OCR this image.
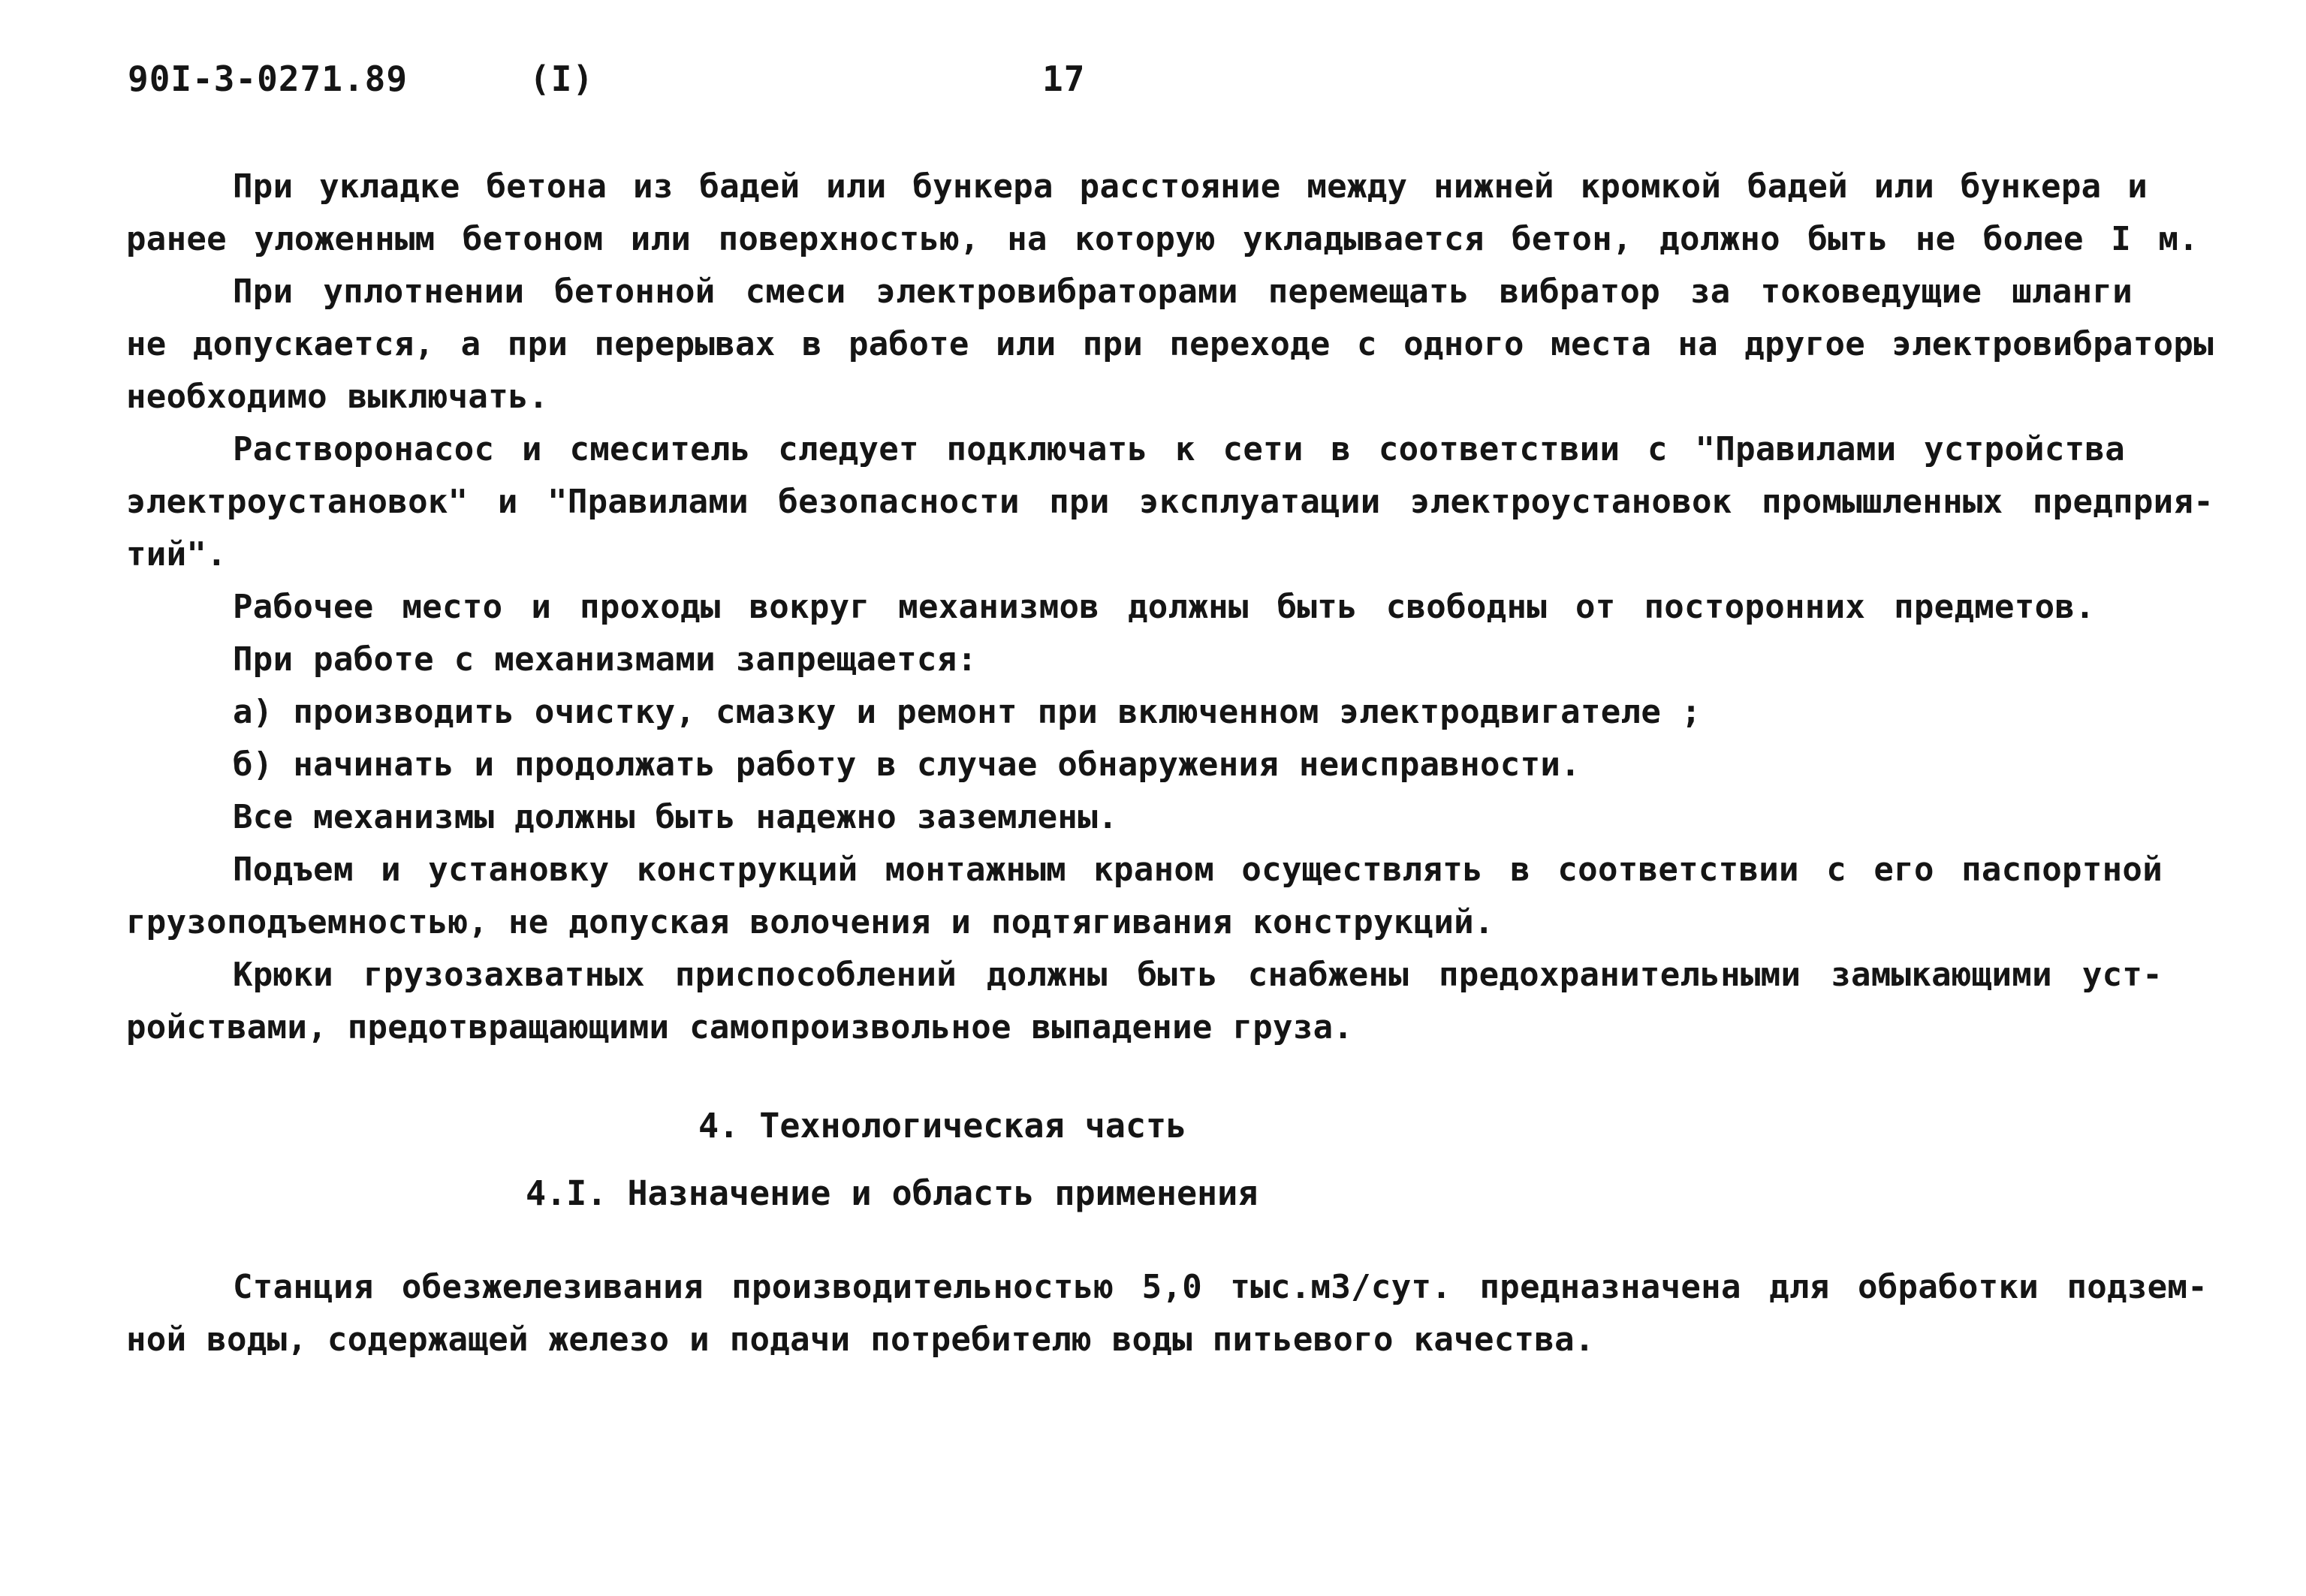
90I-3-0271.89	(I)	17
При укладке бетона из бадей или бункера расстояние между нижней кромкой бадей или бункера и
ранее уложенным бетоном или поверхностью, на которую укладывается бетон, должно быть не более I м.
При уплотнении бетонной смеси электровибраторами перемещать вибратор за токоведущие шланги
не допускается, а при перерывах в работе или при переходе с одного места на другое электровибраторы
необходимо выключать.
Растворонасос и смеситель следует подключать к сети в соответствии с "Правилами устройства
электроустановок" и "Правилами безопасности при эксплуатации электроустановок промышленных предприя-
тий".
Рабочее место и проходы вокруг механизмов должны быть свободны от посторонних предметов.
При работе с механизмами запрещается:
а) производить очистку, смазку и ремонт при включенном электродвигателе ;
б) начинать и продолжать работу в случае обнаружения неисправности.
Все механизмы должны быть надежно заземлены.
Подъем и установку конструкций монтажным краном осуществлять в соответствии с его паспортной
грузоподъемностью, не допуская волочения и подтягивания конструкций.
Крюки грузозахватных приспособлений должны быть снабжены предохранительными замыкающими уст-
ройствами, предотвращающими самопроизвольное выпадение груза.
4. Технологическая часть
4.I. Назначение и область применения
Станция обезжелезивания производительностью 5,0 тыс.м3/сут. предназначена для обработки подзем-
ной воды, содержащей железо и подачи потребителю воды питьевого качества.
